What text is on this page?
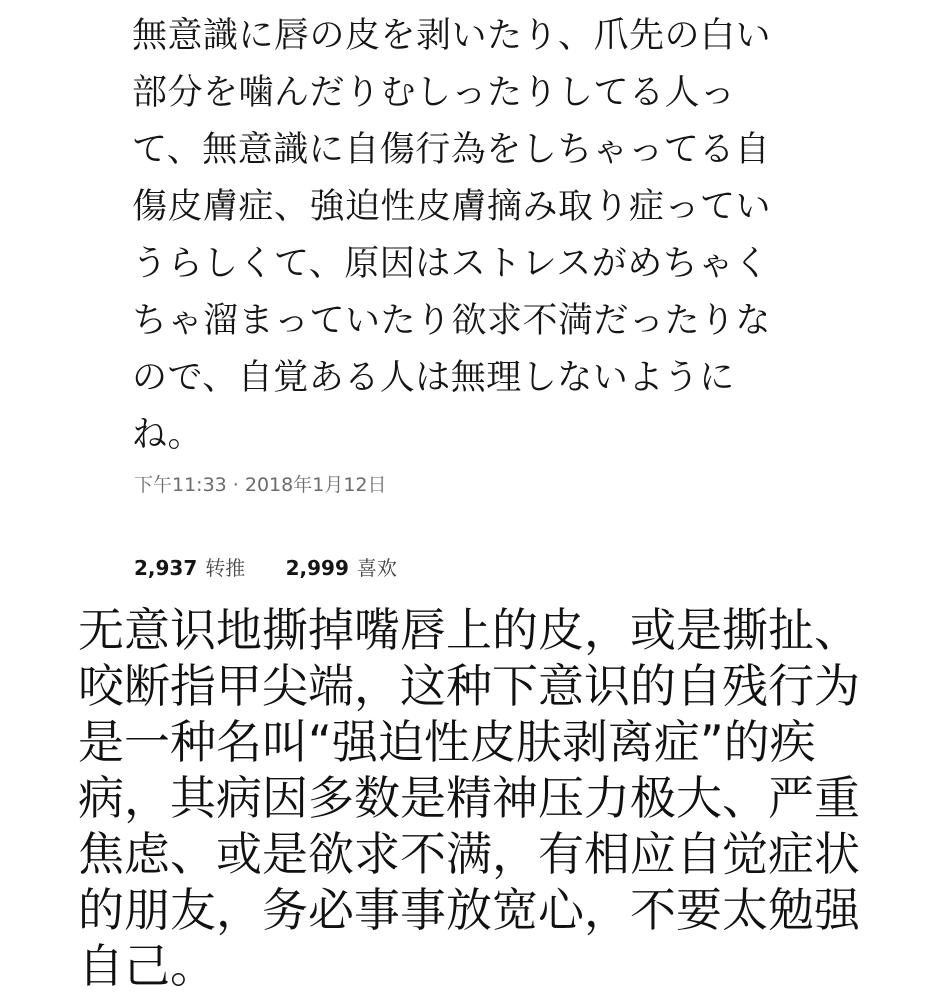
無意識に唇の皮を剥いたり、爪先の白い
部分を噛んだりむしったりしてる人っ
て、無意識に自傷行為をしちゃってる自
傷皮膚症、強迫性皮膚摘み取り症ってい
うらしくて、原因はストレスがめちゃく
ちゃ溜まっていたり欲求不満だったりな
ので、自覚ある人は無理しないように
ね。
下午11:33 · 2018年1月12日
2,937 转推 2,999 喜欢
无意识地撕掉嘴唇上的皮，或是撕扯、
咬断指甲尖端，这种下意识的自残行为
是一种名叫“强迫性皮肤剥离症”的疾
病，其病因多数是精神压力极大、严重
焦虑、或是欲求不满，有相应自觉症状
的朋友，务必事事放宽心，不要太勉强
自己。
